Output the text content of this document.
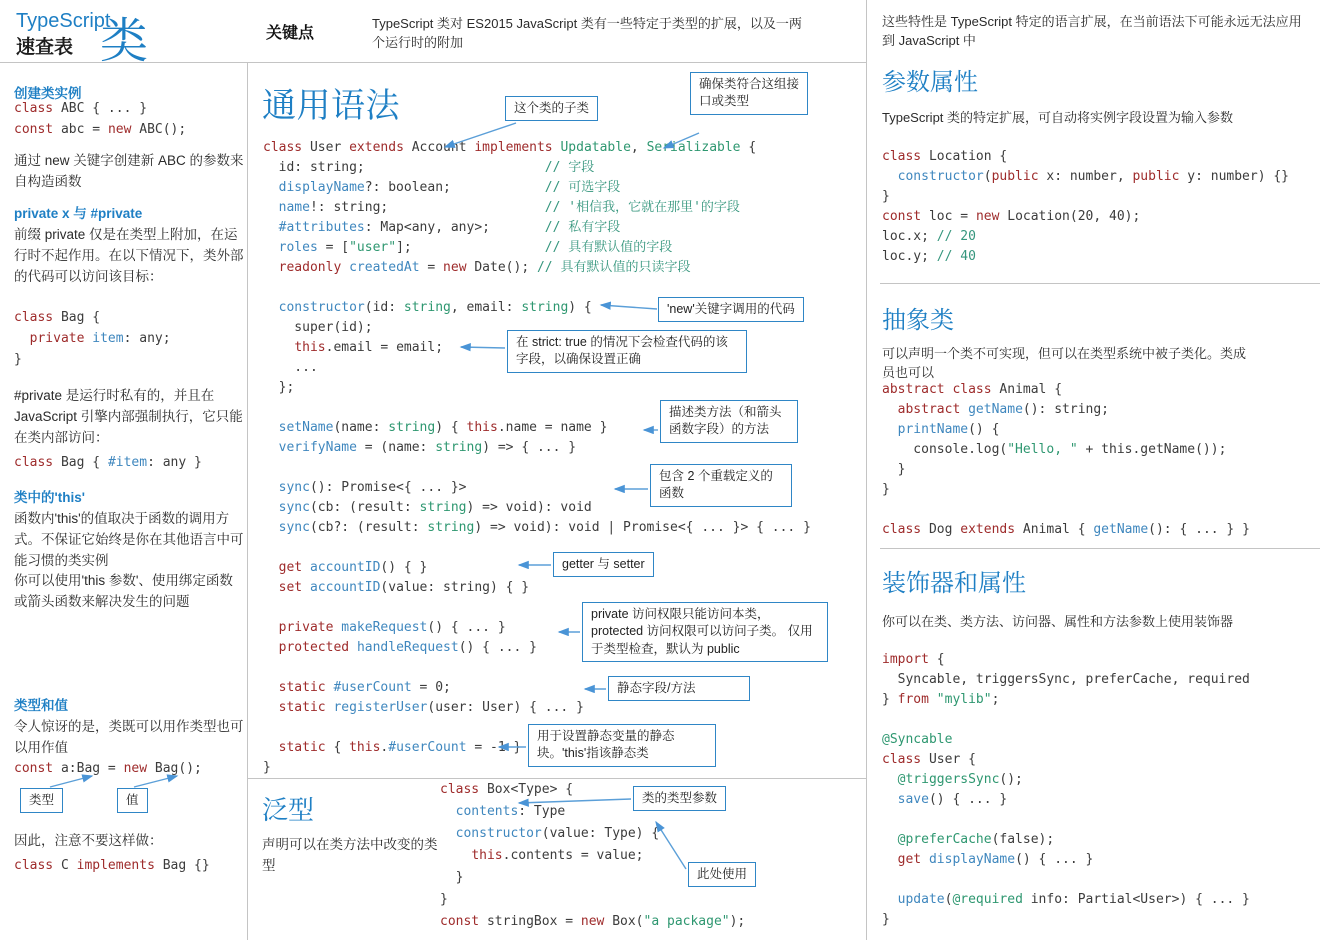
TypeScript
速查表 类	关键点
TypeScript 类对 ES2015 JavaScript 类有一些特定于类型的扩展，以及一两个运行时的附加
这些特性是 TypeScript 特定的语言扩展，在当前语法下可能永远无法应用到 JavaScript 中
创建类实例
class ABC { ... }
const abc = new ABC();
通过 new 关键字创建新 ABC 的参数来自构造函数
private x 与 #private
前缀 private 仅是在类型上附加，在运行时不起作用。在以下情况下，类外部的代码可以访问该目标：
class Bag {
private item: any;
}
#private 是运行时私有的，并且在 JavaScript 引擎内部强制执行，它只能在类内部访问：
class Bag { #item: any }
类中的'this'
函数内'this'的值取决于函数的调用方式。不保证它始终是你在其他语言中可能习惯的类实例
你可以使用'this 参数'、使用绑定函数或箭头函数来解决发生的问题
类型和值
令人惊讶的是，类既可以用作类型也可以用作值
const a:Bag = new Bag();
因此，注意不要这样做：
class C implements Bag {}
通用语法
class User extends Account implements Updatable, Serializable {
id: string;                       // 字段
displayName?: boolean;            // 可选字段
name!: string;                    // '相信我，它就在那里'的字段
#attributes: Map<any, any>;       // 私有字段
roles = ["user"];                 // 具有默认值的字段
readonly createdAt = new Date(); // 具有默认值的只读字段

constructor(id: string, email: string) {
super(id);
this.email = email;
...
};

setName(name: string) { this.name = name }
verifyName = (name: string) => { ... }

sync(): Promise<{ ... }>
sync(cb: (result: string) => void): void
sync(cb?: (result: string) => void): void | Promise<{ ... }> { ... }

get accountID() { }
set accountID(value: string) { }

private makeRequest() { ... }
protected handleRequest() { ... }

static #userCount = 0;
static registerUser(user: User) { ... }

static { this.#userCount = -1 }
}
泛型
声明可以在类方法中改变的类型
class Box<Type> {
contents: Type
constructor(value: Type) {
this.contents = value;
}
}
const stringBox = new Box("a package");
参数属性
TypeScript 类的特定扩展，可自动将实例字段设置为输入参数
class Location {
constructor(public x: number, public y: number) {}
}
const loc = new Location(20, 40);
loc.x; // 20
loc.y; // 40
抽象类
可以声明一个类不可实现，但可以在类型系统中被子类化。类成员也可以
abstract class Animal {
abstract getName(): string;
printName() {
console.log("Hello, " + this.getName());
}
}

class Dog extends Animal { getName(): { ... } }
装饰器和属性
你可以在类、类方法、访问器、属性和方法参数上使用装饰器
import {
Syncable, triggersSync, preferCache, required
} from "mylib";

@Syncable
class User {
@triggersSync();
save() { ... }

@preferCache(false);
get displayName() { ... }

update(@required info: Partial<User>) { ... }
}
这个类的子类
确保类符合这组接口或类型
'new'关键字调用的代码
在 strict: true 的情况下会检查代码的该字段，以确保设置正确
描述类方法（和箭头函数字段）的方法
包含 2 个重载定义的函数
getter 与 setter
private 访问权限只能访问本类，protected 访问权限可以访问子类。 仅用于类型检查，默认为 public
静态字段/方法
用于设置静态变量的静态块。'this'指该静态类
类的类型参数
此处使用
类型	值
